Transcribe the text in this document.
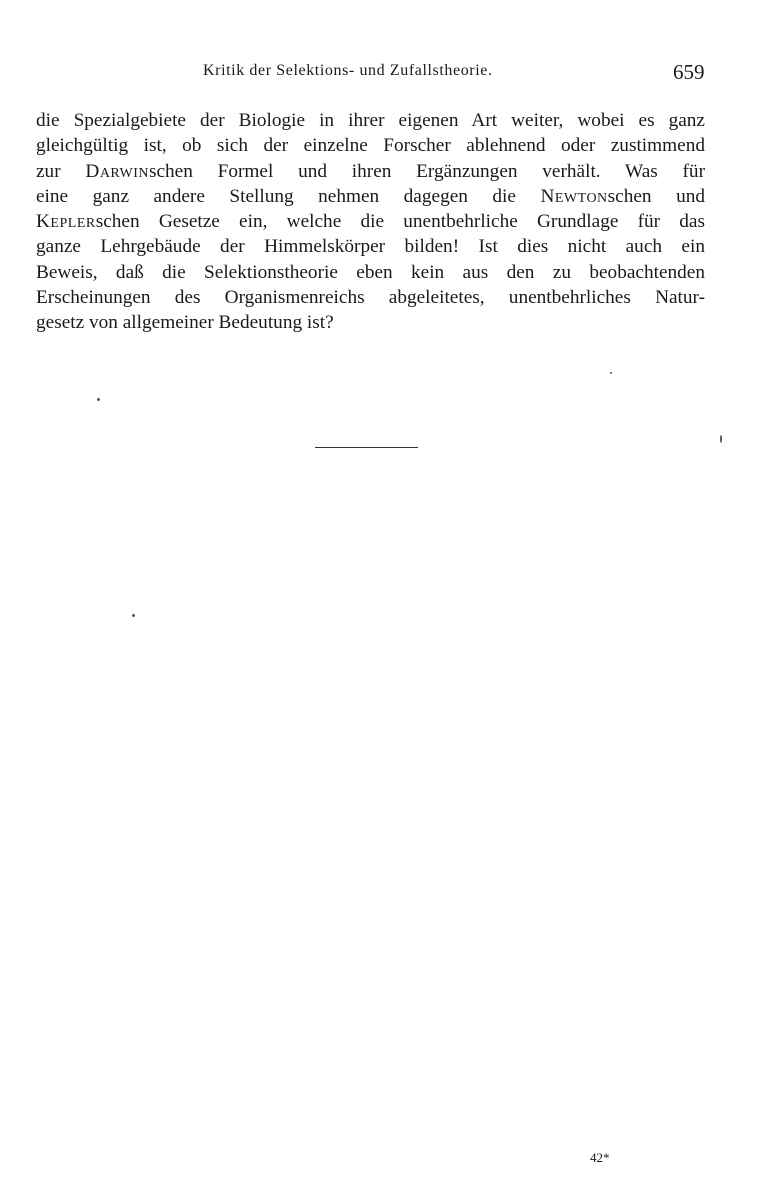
Kritik der Selektions- und Zufallstheorie.	659
die Spezialgebiete der Biologie in ihrer eigenen Art weiter, wobei es ganz
gleichgültig ist, ob sich der einzelne Forscher ablehnend oder zustimmend
zur Darwinschen Formel und ihren Ergänzungen verhält. Was für
eine ganz andere Stellung nehmen dagegen die Newtonschen und
Keplerschen Gesetze ein, welche die unentbehrliche Grundlage für das
ganze Lehrgebäude der Himmelskörper bilden! Ist dies nicht auch ein
Beweis, daß die Selektionstheorie eben kein aus den zu beobachtenden
Erscheinungen des Organismenreichs abgeleitetes, unentbehrliches Natur-
gesetz von allgemeiner Bedeutung ist?
42*
